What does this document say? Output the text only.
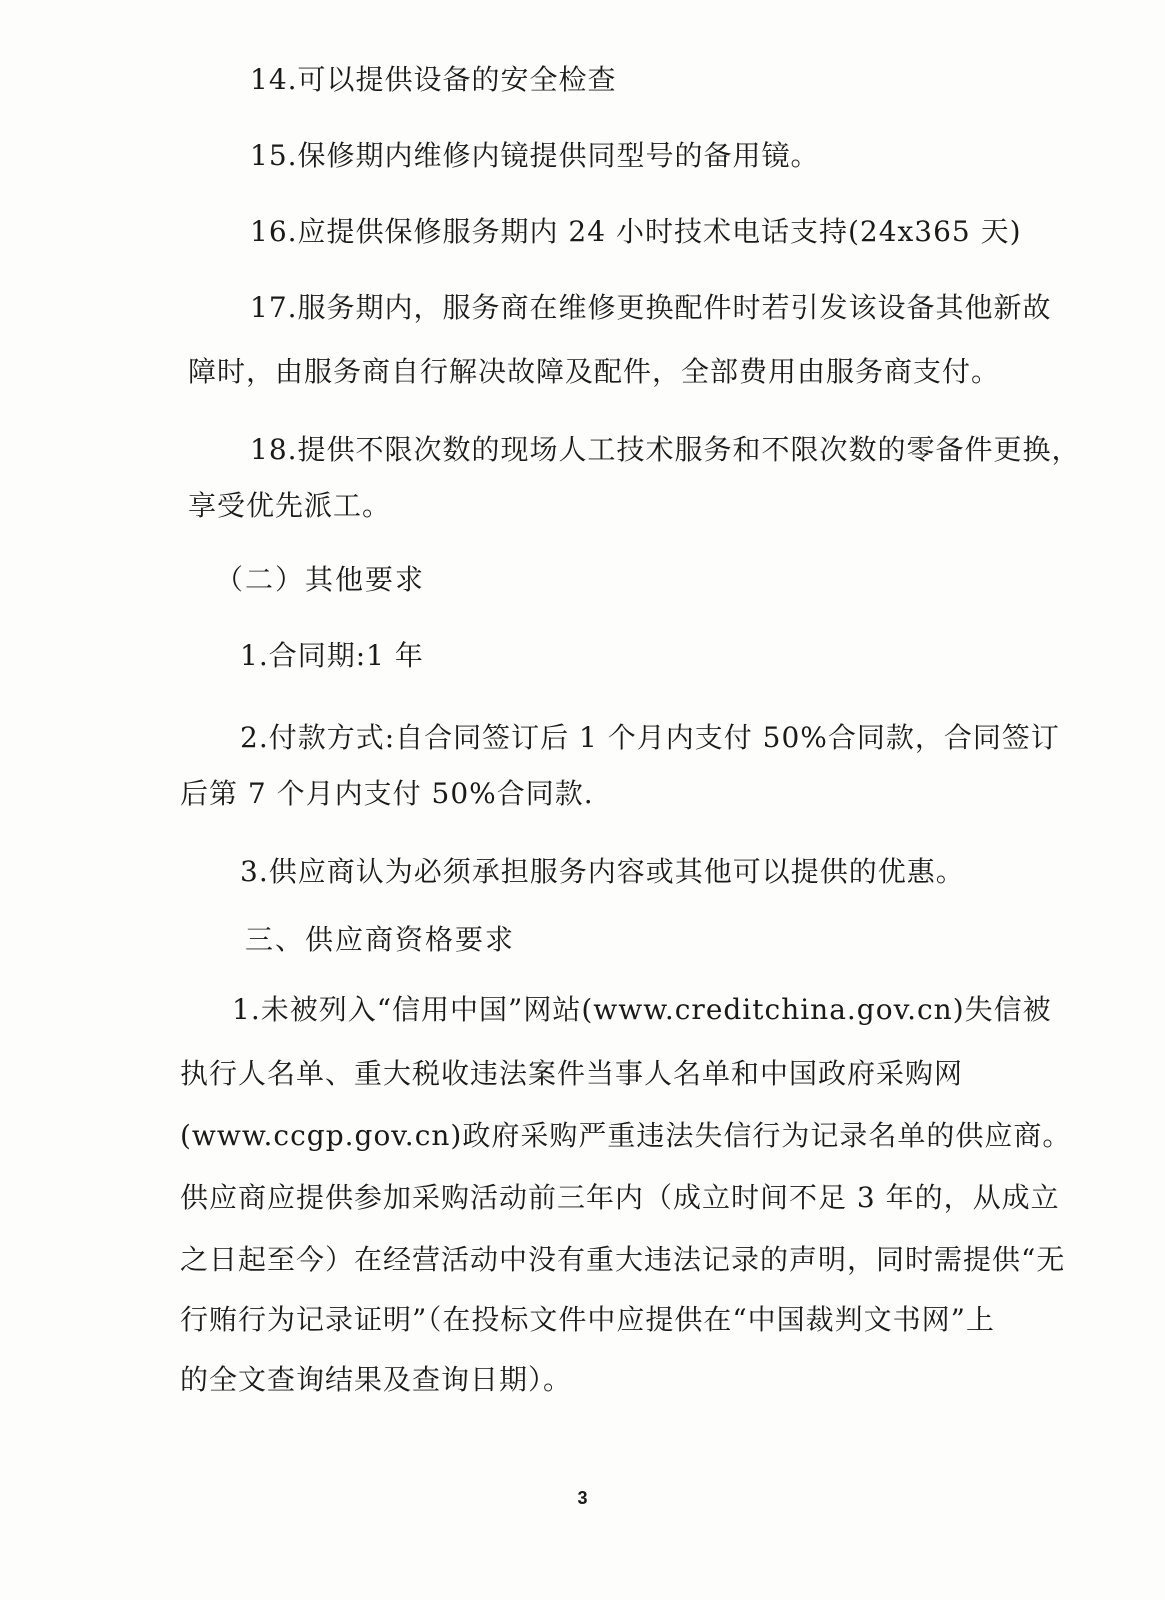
14.可以提供设备的安全检查
15.保修期内维修内镜提供同型号的备用镜。
16.应提供保修服务期内 24 小时技术电话支持(24x365 天)
17.服务期内，服务商在维修更换配件时若引发该设备其他新故
障时，由服务商自行解决故障及配件，全部费用由服务商支付。
18.提供不限次数的现场人工技术服务和不限次数的零备件更换，
享受优先派工。
（二）其他要求
1.合同期:1 年
2.付款方式:自合同签订后 1 个月内支付 50%合同款，合同签订
后第 7 个月内支付 50%合同款.
3.供应商认为必须承担服务内容或其他可以提供的优惠。
三、供应商资格要求
1.未被列入“信用中国”网站(www.creditchina.gov.cn)失信被
执行人名单、重大税收违法案件当事人名单和中国政府采购网
(www.ccgp.gov.cn)政府采购严重违法失信行为记录名单的供应商。
供应商应提供参加采购活动前三年内（成立时间不足 3 年的，从成立
之日起至今）在经营活动中没有重大违法记录的声明，同时需提供“无
行贿行为记录证明”（在投标文件中应提供在“中国裁判文书网”上
的全文查询结果及查询日期）。
3
